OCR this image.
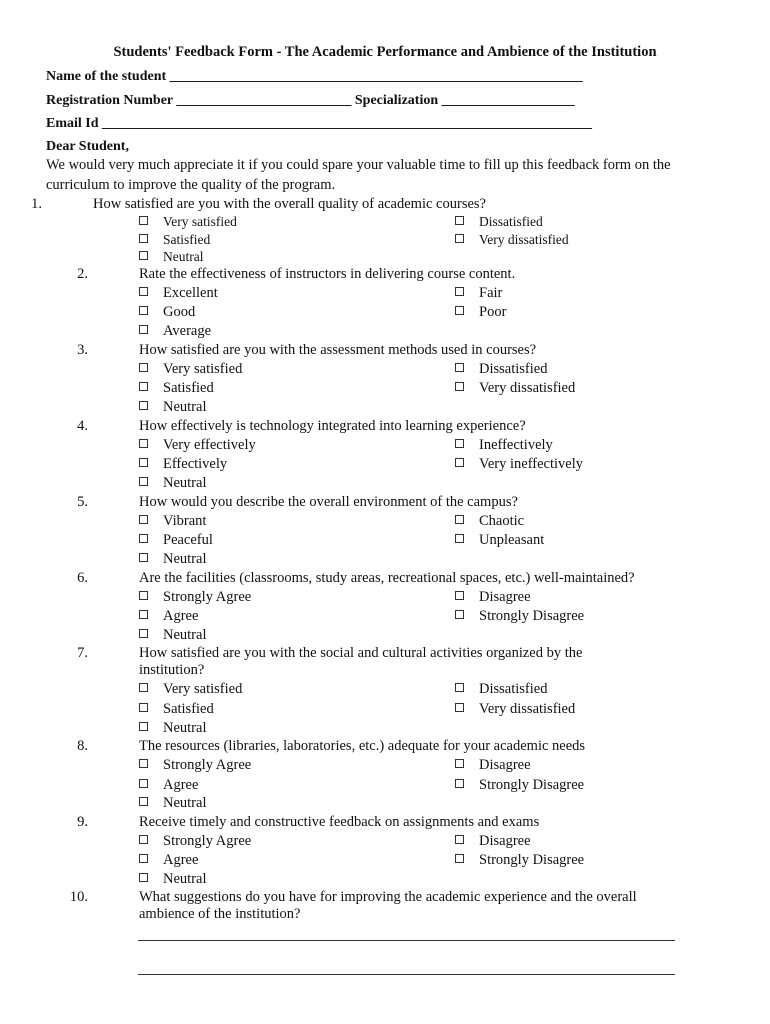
Students' Feedback Form - The Academic Performance and Ambience of the Institution
Name of the student ___________________________________________________________
Registration Number _________________________ Specialization ___________________
Email Id ______________________________________________________________________
Dear Student,
We would very much appreciate it if you could spare your valuable time to fill up this feedback form on the curriculum to improve the quality of the program.
1.	How satisfied are you with the overall quality of academic courses?
Very satisfied
Satisfied
Neutral
Dissatisfied
Very dissatisfied
2.	Rate the effectiveness of instructors in delivering course content.
Excellent
Good
Average
Fair
Poor
3.	How satisfied are you with the assessment methods used in courses?
Very satisfied
Satisfied
Neutral
Dissatisfied
Very dissatisfied
4.	How effectively is technology integrated into learning experience?
Very effectively
Effectively
Neutral
Ineffectively
Very ineffectively
5.	How would you describe the overall environment of the campus?
Vibrant
Peaceful
Neutral
Chaotic
Unpleasant
6.	Are the facilities (classrooms, study areas, recreational spaces, etc.) well-maintained?
Strongly Agree
Agree
Neutral
Disagree
Strongly Disagree
7.	How satisfied are you with the social and cultural activities organized by the
institution?
Very satisfied
Satisfied
Neutral
Dissatisfied
Very dissatisfied
8.	The resources (libraries, laboratories, etc.) adequate for your academic needs
Strongly Agree
Agree
Neutral
Disagree
Strongly Disagree
9.	Receive timely and constructive feedback on assignments and exams
Strongly Agree
Agree
Neutral
Disagree
Strongly Disagree
10.	What suggestions do you have for improving the academic experience and the overall
ambience of the institution?
